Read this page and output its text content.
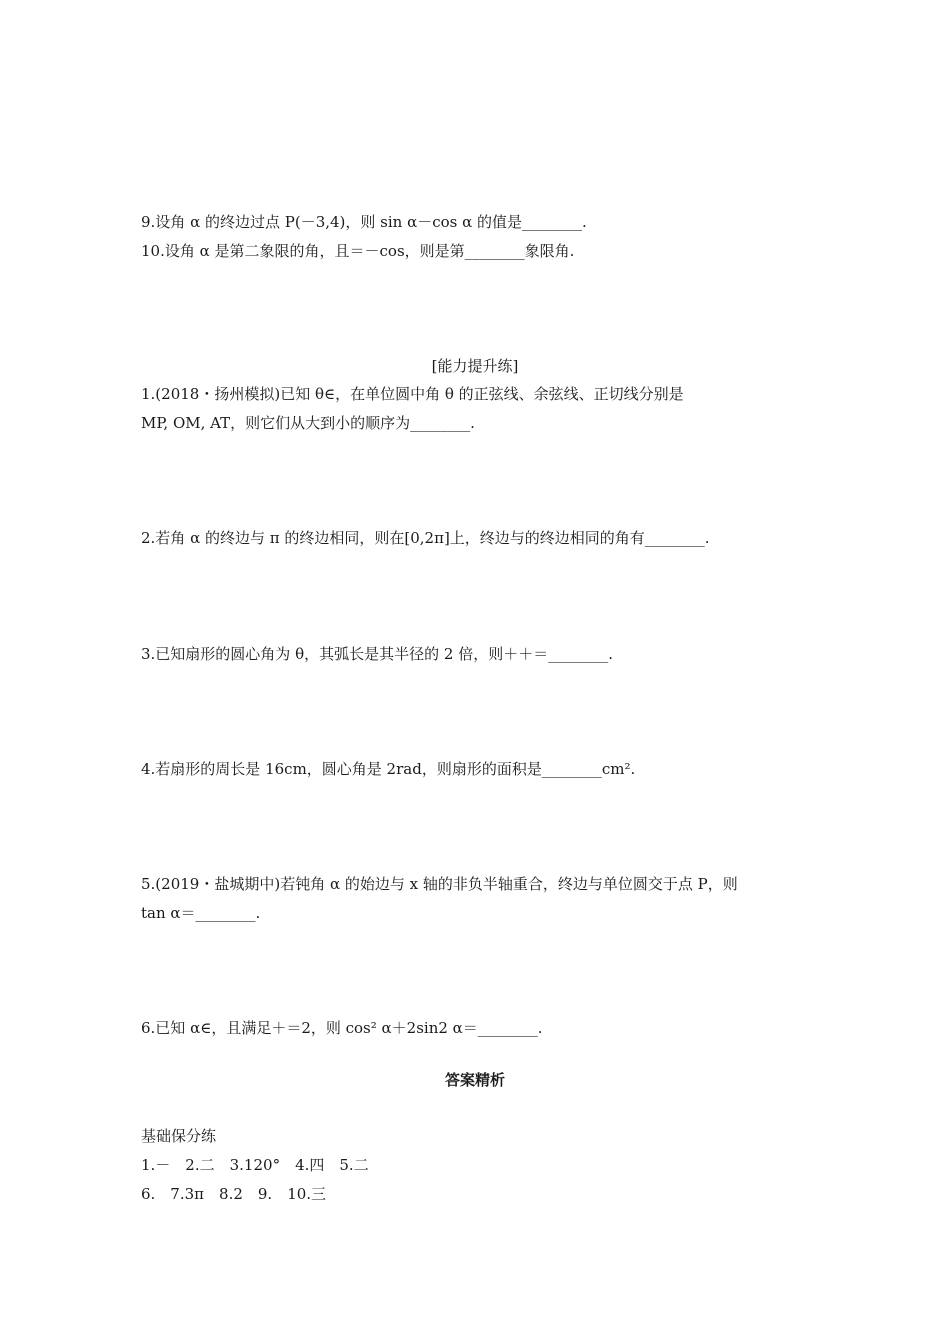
9.设角 α 的终边过点 P(－3,4)，则 sin α－cos α 的值是________.
10.设角 α 是第二象限的角，且＝－cos，则是第________象限角.
[能力提升练]
1.(2018・扬州模拟)已知 θ∈，在单位圆中角 θ 的正弦线、余弦线、正切线分别是
MP, OM, AT，则它们从大到小的顺序为________.
2.若角 α 的终边与 π 的终边相同，则在[0,2π]上，终边与的终边相同的角有________.
3.已知扇形的圆心角为 θ，其弧长是其半径的 2 倍，则＋＋＝________.
4.若扇形的周长是 16cm，圆心角是 2rad，则扇形的面积是________cm².
5.(2019・盐城期中)若钝角 α 的始边与 x 轴的非负半轴重合，终边与单位圆交于点 P，则
tan α＝________.
6.已知 α∈，且满足＋＝2，则 cos² α＋2sin2 α＝________.
答案精析
基础保分练
1.－　2.二　3.120°　4.四　5.二
6.　7.3π　8.2　9.　10.三
